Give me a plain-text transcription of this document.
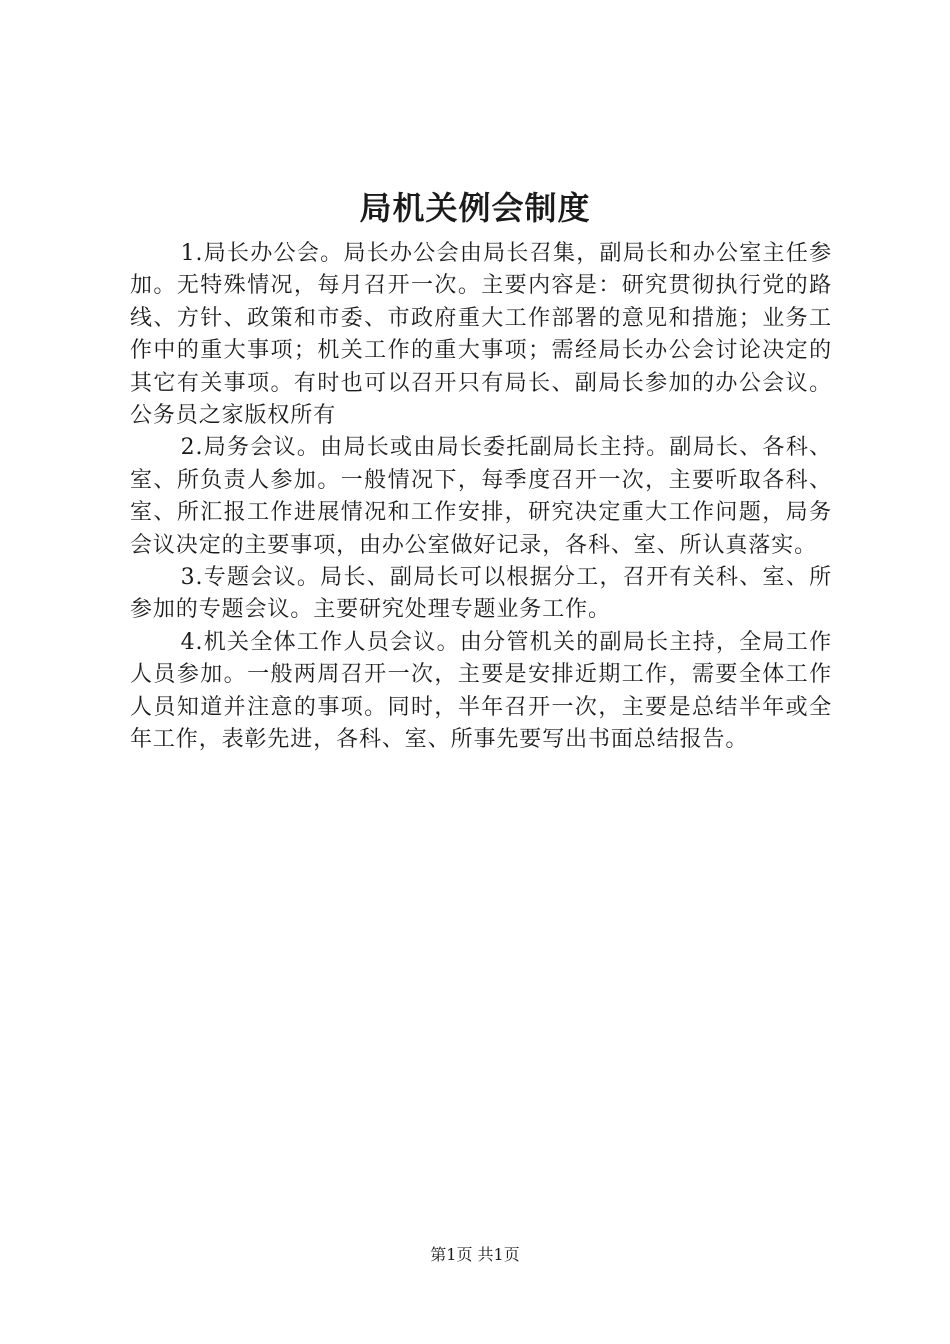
局机关例会制度

1.局长办公会。局长办公会由局长召集，副局长和办公室主任参加。无特殊情况，每月召开一次。主要内容是：研究贯彻执行党的路线、方针、政策和市委、市政府重大工作部署的意见和措施；业务工作中的重大事项；机关工作的重大事项；需经局长办公会讨论决定的其它有关事项。有时也可以召开只有局长、副局长参加的办公会议。公务员之家版权所有

2.局务会议。由局长或由局长委托副局长主持。副局长、各科、室、所负责人参加。一般情况下，每季度召开一次，主要听取各科、室、所汇报工作进展情况和工作安排，研究决定重大工作问题，局务会议决定的主要事项，由办公室做好记录，各科、室、所认真落实。

3.专题会议。局长、副局长可以根据分工，召开有关科、室、所参加的专题会议。主要研究处理专题业务工作。

4.机关全体工作人员会议。由分管机关的副局长主持，全局工作人员参加。一般两周召开一次，主要是安排近期工作，需要全体工作人员知道并注意的事项。同时，半年召开一次，主要是总结半年或全年工作，表彰先进，各科、室、所事先要写出书面总结报告。

第1页 共1页
